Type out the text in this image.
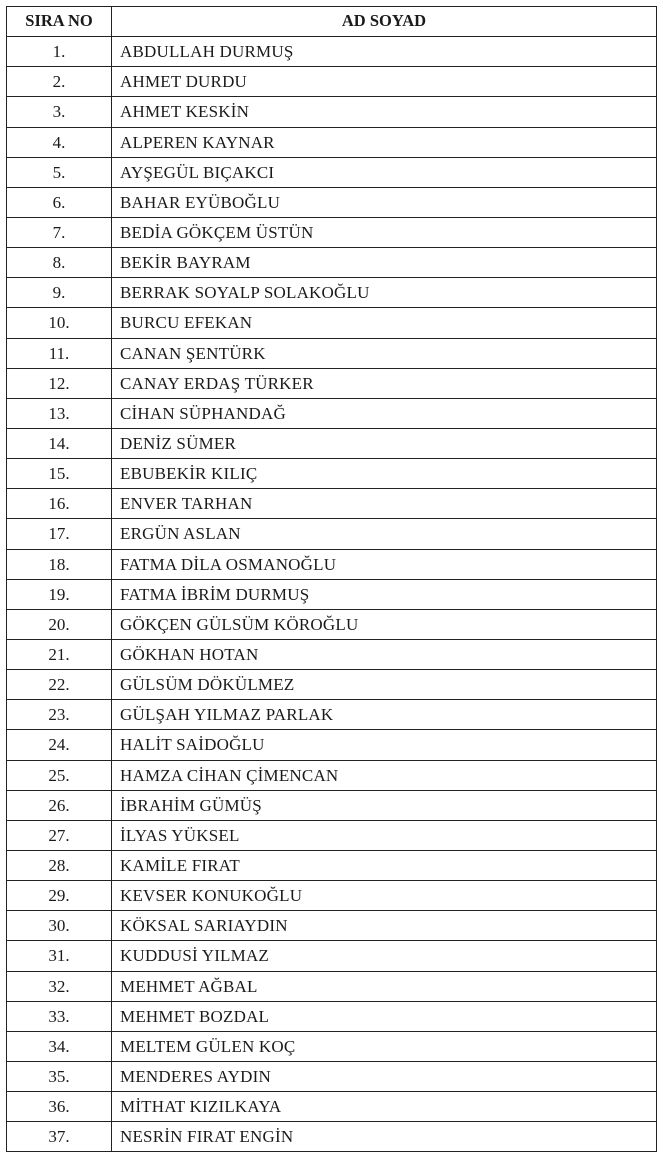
SIRA NO	AD SOYAD
1.	ABDULLAH DURMUŞ
2.	AHMET DURDU
3.	AHMET KESKİN
4.	ALPEREN KAYNAR
5.	AYŞEGÜL BIÇAKCI
6.	BAHAR EYÜBOĞLU
7.	BEDİA GÖKÇEM ÜSTÜN
8.	BEKİR BAYRAM
9.	BERRAK SOYALP SOLAKOĞLU
10.	BURCU EFEKAN
11.	CANAN ŞENTÜRK
12.	CANAY ERDAŞ TÜRKER
13.	CİHAN SÜPHANDAĞ
14.	DENİZ SÜMER
15.	EBUBEKİR KILIÇ
16.	ENVER TARHAN
17.	ERGÜN ASLAN
18.	FATMA DİLA OSMANOĞLU
19.	FATMA İBRİM DURMUŞ
20.	GÖKÇEN GÜLSÜM KÖROĞLU
21.	GÖKHAN HOTAN
22.	GÜLSÜM DÖKÜLMEZ
23.	GÜLŞAH YILMAZ PARLAK
24.	HALİT SAİDOĞLU
25.	HAMZA CİHAN ÇİMENCAN
26.	İBRAHİM GÜMÜŞ
27.	İLYAS YÜKSEL
28.	KAMİLE FIRAT
29.	KEVSER KONUKOĞLU
30.	KÖKSAL SARIAYDIN
31.	KUDDUSİ YILMAZ
32.	MEHMET AĞBAL
33.	MEHMET BOZDAL
34.	MELTEM GÜLEN KOÇ
35.	MENDERES AYDIN
36.	MİTHAT KIZILKAYA
37.	NESRİN FIRAT ENGİN
